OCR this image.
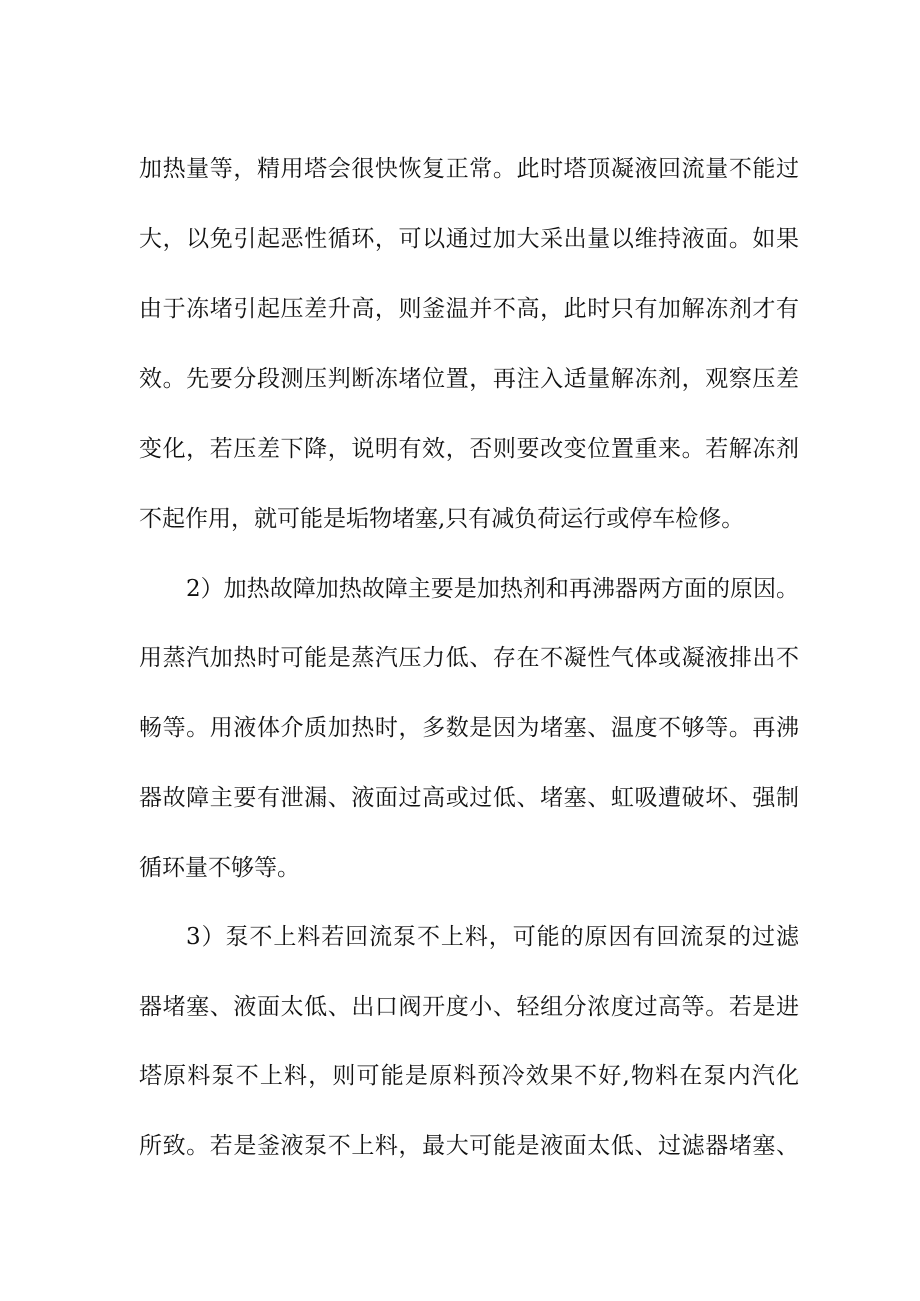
加热量等，精用塔会很快恢复正常。此时塔顶凝液回流量不能过
大，以免引起恶性循环，可以通过加大采出量以维持液面。如果
由于冻堵引起压差升高，则釜温并不高，此时只有加解冻剂才有
效。先要分段测压判断冻堵位置，再注入适量解冻剂，观察压差
变化，若压差下降，说明有效，否则要改变位置重来。若解冻剂
不起作用，就可能是垢物堵塞,只有减负荷运行或停车检修。
2）加热故障加热故障主要是加热剂和再沸器两方面的原因。
用蒸汽加热时可能是蒸汽压力低、存在不凝性气体或凝液排出不
畅等。用液体介质加热时，多数是因为堵塞、温度不够等。再沸
器故障主要有泄漏、液面过高或过低、堵塞、虹吸遭破坏、强制
循环量不够等。
3）泵不上料若回流泵不上料，可能的原因有回流泵的过滤
器堵塞、液面太低、出口阀开度小、轻组分浓度过高等。若是进
塔原料泵不上料，则可能是原料预冷效果不好,物料在泵内汽化
所致。若是釜液泵不上料，最大可能是液面太低、过滤器堵塞、
